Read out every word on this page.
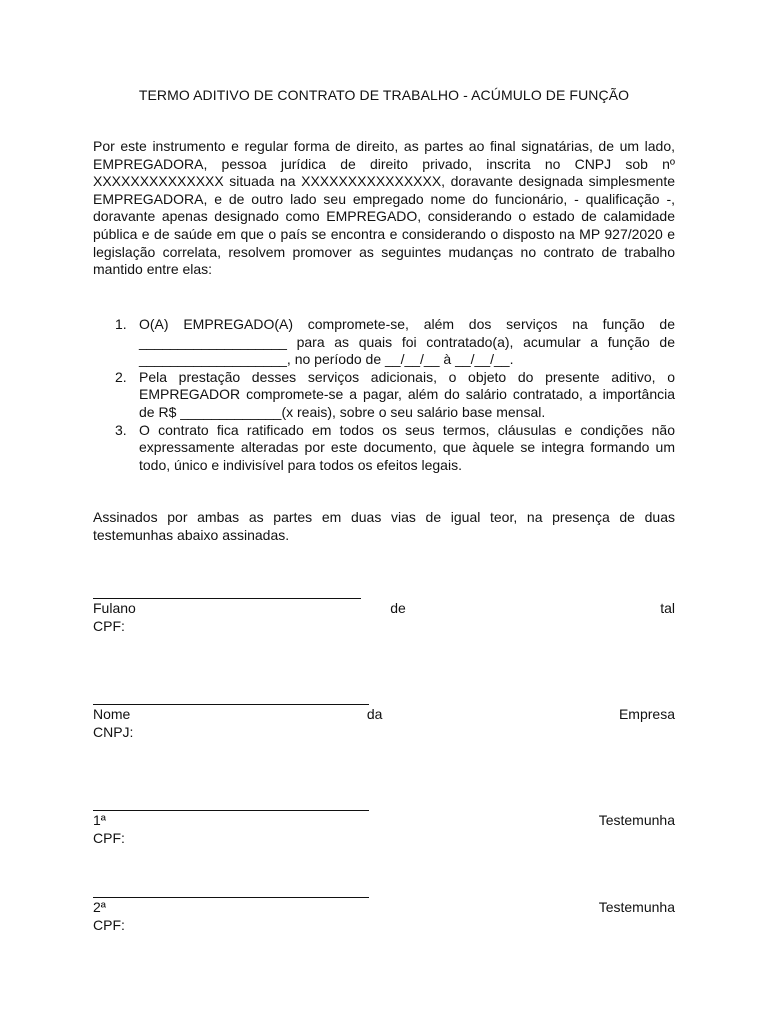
TERMO ADITIVO DE CONTRATO DE TRABALHO - ACÚMULO DE FUNÇÃO

Por este instrumento e regular forma de direito, as partes ao final signatárias, de um lado, EMPREGADORA, pessoa jurídica de direito privado, inscrita no CNPJ sob nº XXXXXXXXXXXXXX situada na XXXXXXXXXXXXXXX, doravante designada simplesmente EMPREGADORA, e de outro lado seu empregado nome do funcionário, - qualificação -, doravante apenas designado como EMPREGADO, considerando o estado de calamidade pública e de saúde em que o país se encontra e considerando o disposto na MP 927/2020 e legislação correlata, resolvem promover as seguintes mudanças no contrato de trabalho mantido entre elas:

1. O(A) EMPREGADO(A) compromete-se, além dos serviços na função de ___________________ para as quais foi contratado(a), acumular a função de ___________________, no período de __/__/__ à __/__/__.
2. Pela prestação desses serviços adicionais, o objeto do presente aditivo, o EMPREGADOR compromete-se a pagar, além do salário contratado, a importância de R$ _____________(x reais), sobre o seu salário base mensal.
3. O contrato fica ratificado em todos os seus termos, cláusulas e condições não expressamente alteradas por este documento, que àquele se integra formando um todo, único e indivisível para todos os efeitos legais.

Assinados por ambas as partes em duas vias de igual teor, na presença de duas testemunhas abaixo assinadas.

Fulano	de	tal
CPF:
Nome	da	Empresa
CNPJ:
1ª	Testemunha
CPF:
2ª	Testemunha
CPF:
